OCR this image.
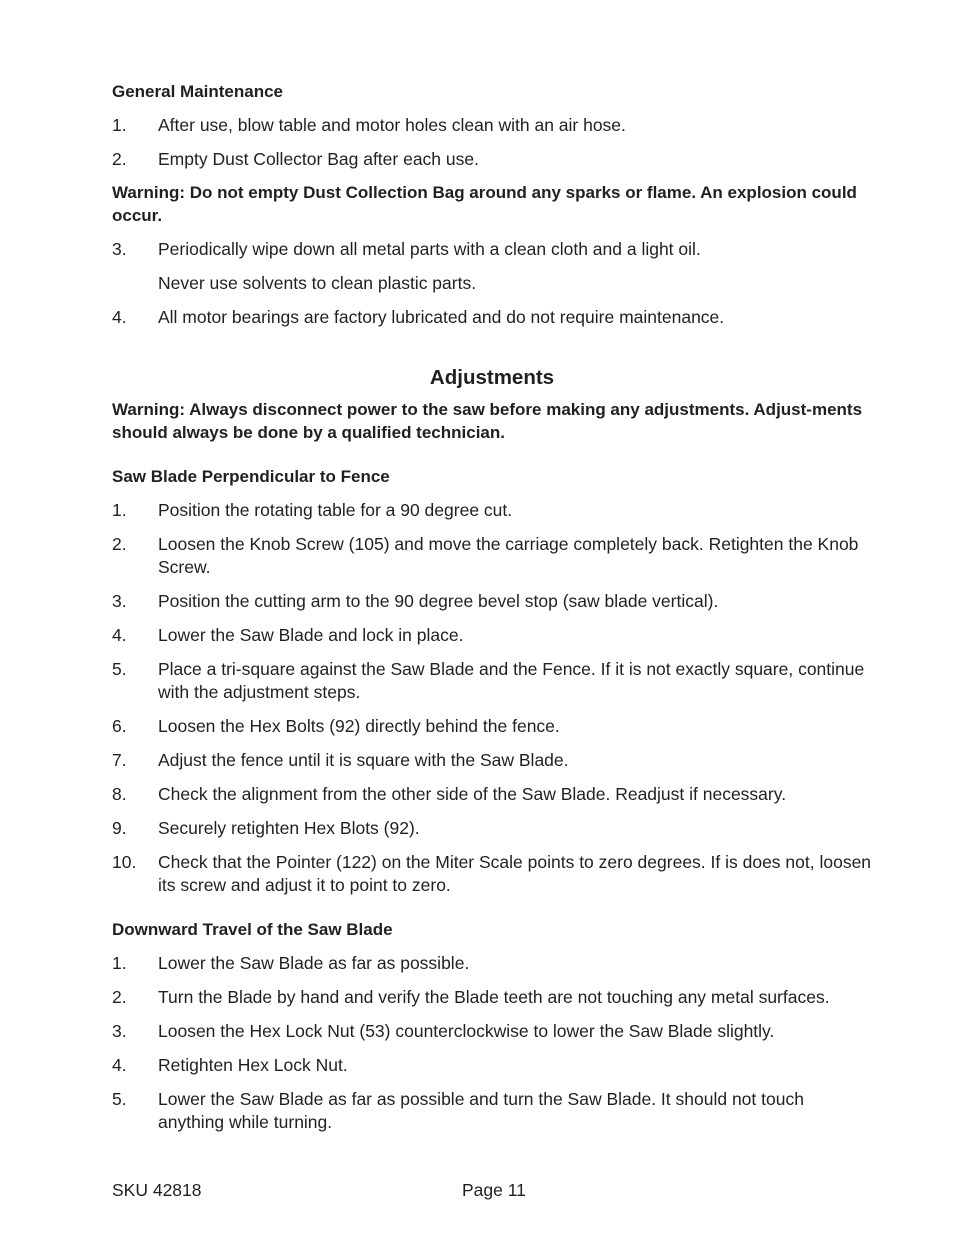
General Maintenance
1.	After use, blow table and motor holes clean with an air hose.
2.	Empty Dust Collector Bag after each use.
Warning: Do not empty Dust Collection Bag around any sparks or flame. An explosion could occur.
3.	Periodically wipe down all metal parts with a clean cloth and a light oil.
Never use solvents to clean plastic parts.
4.	All motor bearings are factory lubricated and do not require maintenance.
Adjustments
Warning: Always disconnect power to the saw before making any adjustments. Adjust-ments should always be done by a qualified technician.
Saw Blade Perpendicular to Fence
1.	Position the rotating table for a 90 degree cut.
2.	Loosen the Knob Screw (105) and move the carriage completely back. Retighten the Knob Screw.
3.	Position the cutting arm to the 90 degree bevel stop (saw blade vertical).
4.	Lower the Saw Blade and lock in place.
5.	Place a tri-square against the Saw Blade and the Fence. If it is not exactly square, continue with the adjustment steps.
6.	Loosen the Hex Bolts (92) directly behind the fence.
7.	Adjust the fence until it is square with the Saw Blade.
8.	Check the alignment from the other side of the Saw Blade. Readjust if necessary.
9.	Securely retighten Hex Blots (92).
10.	Check that the Pointer (122) on the Miter Scale points to zero degrees. If is does not, loosen its screw and adjust it to point to zero.
Downward Travel of the Saw Blade
1.	Lower the Saw Blade as far as possible.
2.	Turn the Blade by hand and verify the Blade teeth are not touching any metal surfaces.
3.	Loosen the Hex Lock Nut (53) counterclockwise to lower the Saw Blade slightly.
4.	Retighten Hex Lock Nut.
5.	Lower the Saw Blade as far as possible and turn the Saw Blade. It should not touch anything while turning.
SKU 42818	Page 11
